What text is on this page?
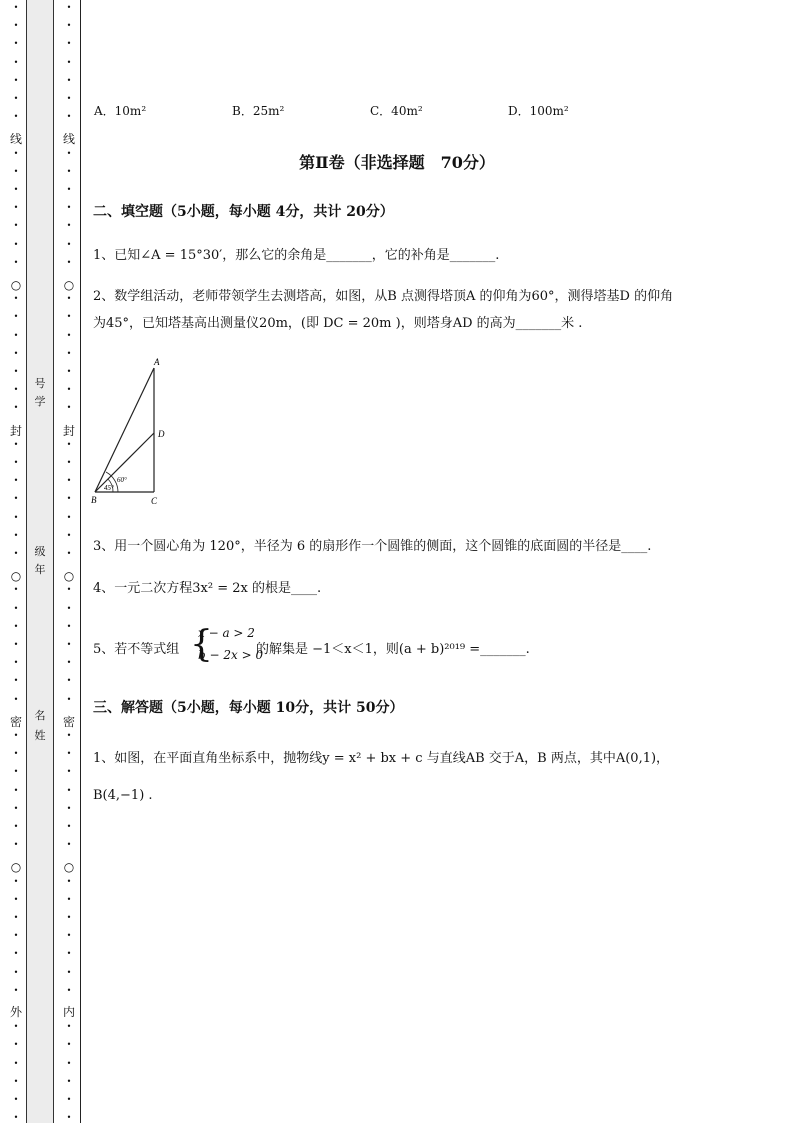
•
•
•
•
•
•
•
•
•
•
•
•
•
•
•
•
•
•
•
•
•
•
•
•
•
•
•
•
•
•
•
•
•
•
•
•
•
•
•
•
•
•
•
•
•
•
•
•
•
•
•
•
•
•
•
线
○
封
○
密
○
外
号
学
级
年
名
姓
•
•
•
•
•
•
•
•
•
•
•
•
•
•
•
•
•
•
•
•
•
•
•
•
•
•
•
•
•
•
•
•
•
•
•
•
•
•
•
•
•
•
•
•
•
•
•
•
•
•
•
•
•
•
•
线
○
封
○
密
○
内
A．10m²	B．25m²	C．40m²	D．100m²
第Ⅱ卷（非选择题　70分）
二、填空题（5小题，每小题 4分，共计 20分）
1、已知∠A = 15°30′，那么它的余角是_______，它的补角是_______.
2、数学组活动，老师带领学生去测塔高，如图，从B 点测得塔顶A 的仰角为60°，测得塔基D 的仰角
为45°，已知塔基高出测量仪20m，(即 DC = 20m )，则塔身AD 的高为_______米 .
A
D
B	C
60°
45°
3、用一个圆心角为 120°，半径为 6 的扇形作一个圆锥的侧面，这个圆锥的底面圆的半径是____.
4、一元二次方程3x² = 2x 的根是____.
5、若不等式组 {
x − a > 2
b − 2x > 0
的解集是 −1＜x＜1，则(a + b)²⁰¹⁹ =_______.
三、解答题（5小题，每小题 10分，共计 50分）
1、如图，在平面直角坐标系中，抛物线y = x² + bx + c 与直线AB 交于A，B 两点，其中A(0,1)，
B(4,−1) .
